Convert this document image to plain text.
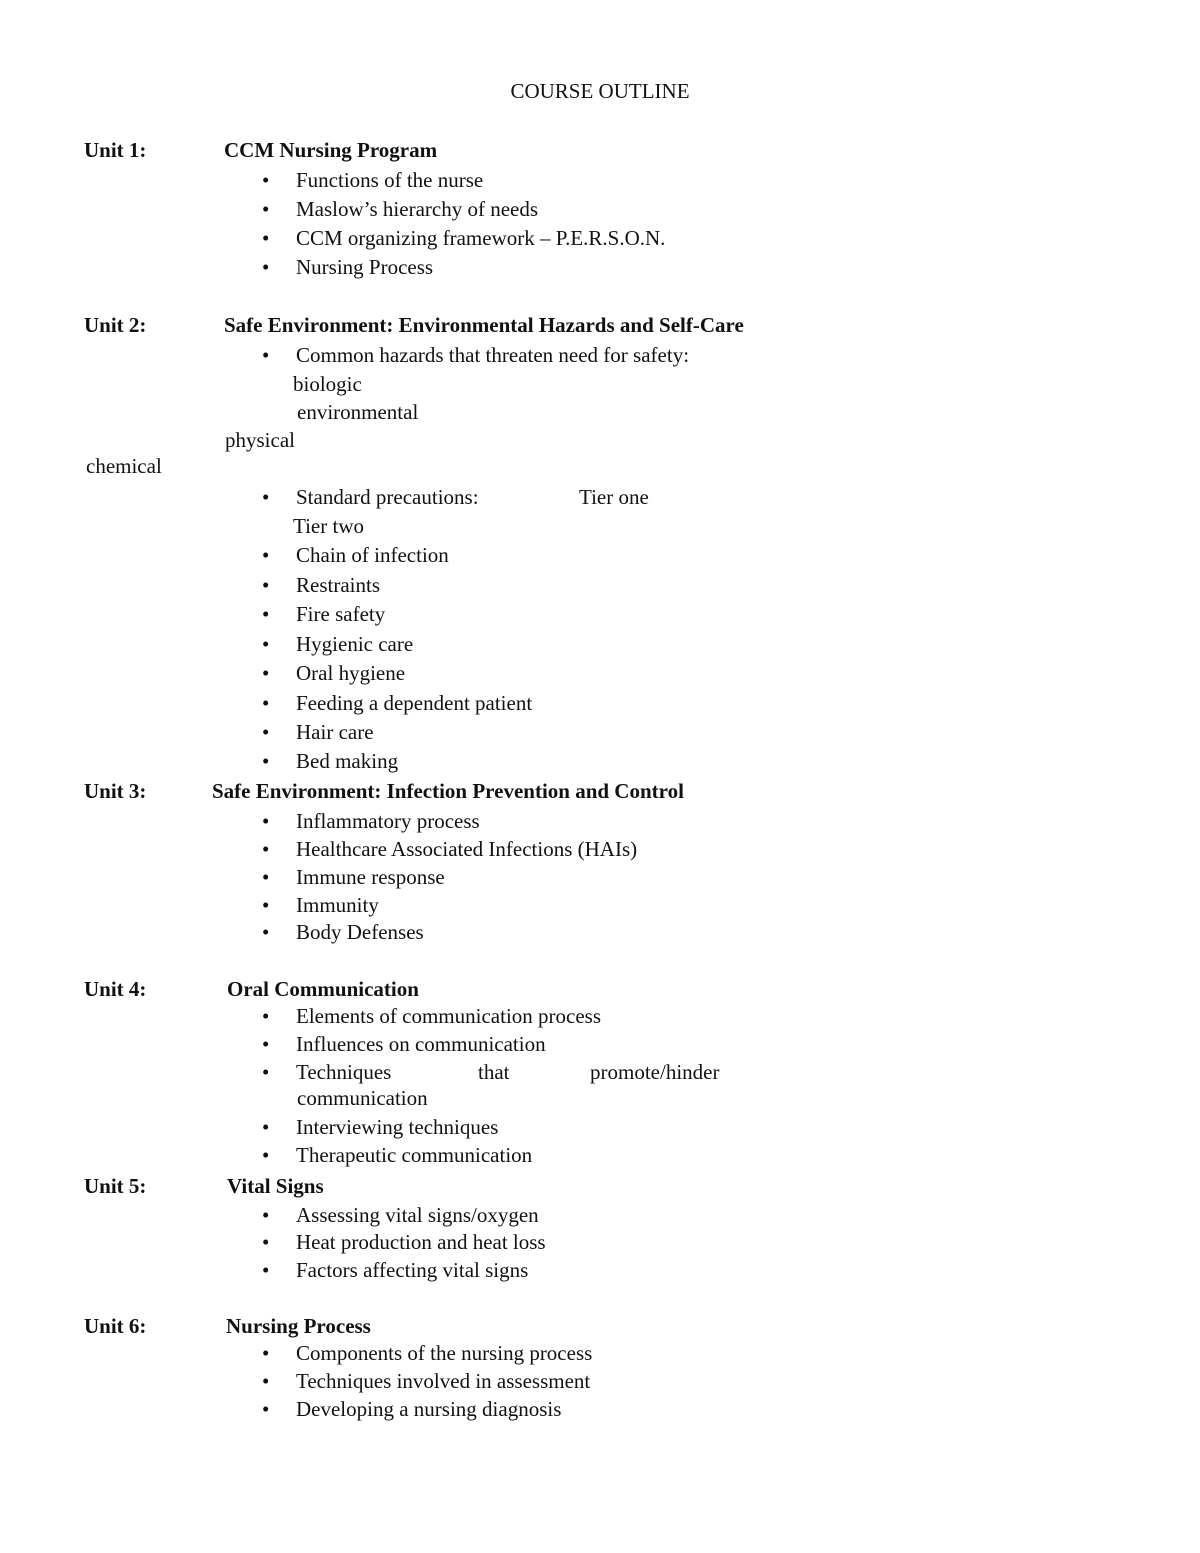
COURSE OUTLINE
Unit 1:	CCM Nursing Program
• Functions of the nurse
• Maslow’s hierarchy of needs
• CCM organizing framework – P.E.R.S.O.N.
• Nursing Process
Unit 2:	Safe Environment: Environmental Hazards and Self-Care
• Common hazards that threaten need for safety:
biologic
environmental
physical
chemical
• Standard precautions:	Tier one
Tier two
• Chain of infection
• Restraints
• Fire safety
• Hygienic care
• Oral hygiene
• Feeding a dependent patient
• Hair care
• Bed making
Unit 3:	Safe Environment: Infection Prevention and Control
• Inflammatory process
• Healthcare Associated Infections (HAIs)
• Immune response
• Immunity
• Body Defenses
Unit 4:	Oral Communication
• Elements of communication process
• Influences on communication
• Techniques	that	promote/hinder
communication
• Interviewing techniques
• Therapeutic communication
Unit 5:	Vital Signs
• Assessing vital signs/oxygen
• Heat production and heat loss
• Factors affecting vital signs
Unit 6:	Nursing Process
• Components of the nursing process
• Techniques involved in assessment
• Developing a nursing diagnosis
